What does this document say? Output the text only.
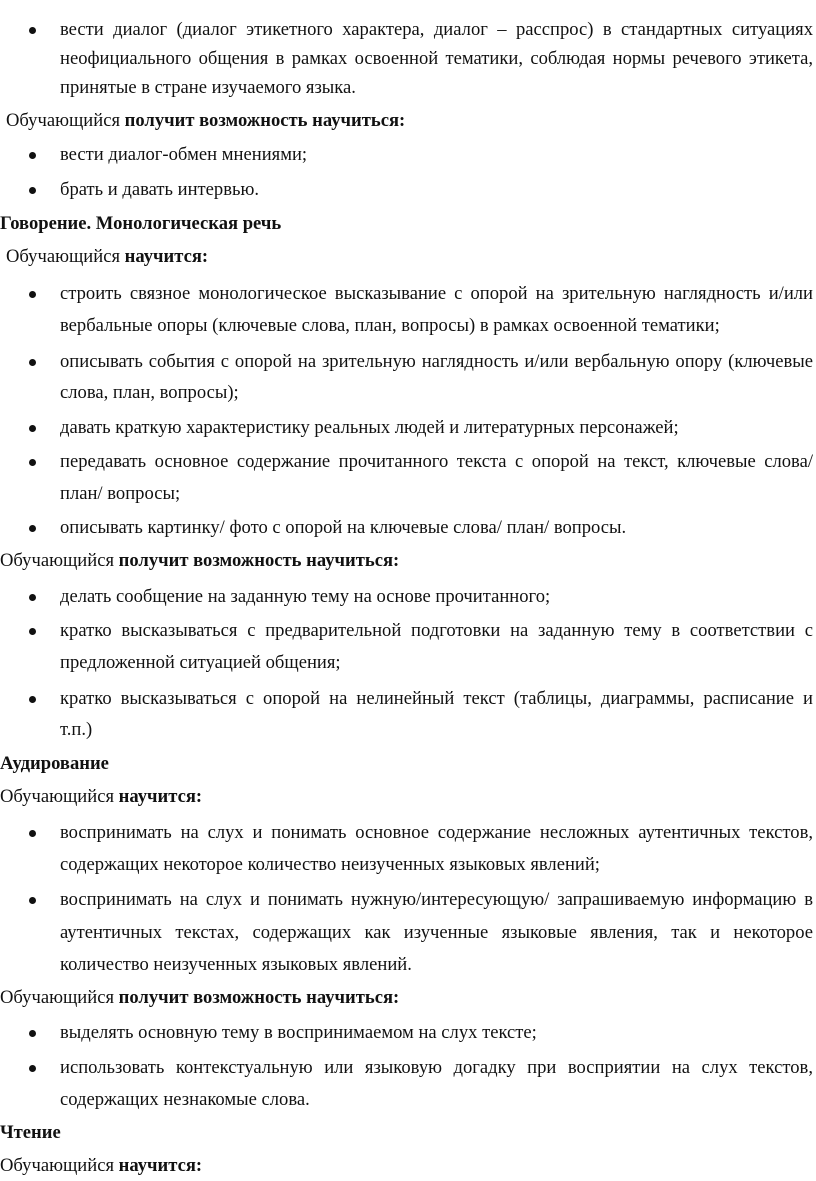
вести диалог (диалог этикетного характера, диалог – расспрос) в стандартных ситуациях
неофициального общения в рамках освоенной тематики, соблюдая нормы речевого этикета,
принятые в стране изучаемого языка.
Обучающийся получит возможность научиться:
вести диалог-обмен мнениями;
брать и давать интервью.
Говорение. Монологическая речь
Обучающийся научится:
строить связное монологическое высказывание с опорой на зрительную наглядность и/или
вербальные опоры (ключевые слова, план, вопросы) в рамках освоенной тематики;
описывать события с опорой на зрительную наглядность и/или вербальную опору (ключевые
слова, план, вопросы);
давать краткую характеристику реальных людей и литературных персонажей;
передавать основное содержание прочитанного текста с опорой на текст, ключевые слова/
план/ вопросы;
описывать картинку/ фото с опорой на ключевые слова/ план/ вопросы.
Обучающийся получит возможность научиться:
делать сообщение на заданную тему на основе прочитанного;
кратко высказываться с предварительной подготовки на заданную тему в соответствии с
предложенной ситуацией общения;
кратко высказываться с опорой на нелинейный текст (таблицы, диаграммы, расписание и
т.п.)
Аудирование
Обучающийся научится:
воспринимать на слух и понимать основное содержание несложных аутентичных текстов,
содержащих некоторое количество неизученных языковых явлений;
воспринимать на слух и понимать нужную/интересующую/ запрашиваемую информацию в
аутентичных текстах, содержащих как изученные языковые явления, так и некоторое
количество неизученных языковых явлений.
Обучающийся получит возможность научиться:
выделять основную тему в воспринимаемом на слух тексте;
использовать контекстуальную или языковую догадку при восприятии на слух текстов,
содержащих незнакомые слова.
Чтение
Обучающийся научится:
